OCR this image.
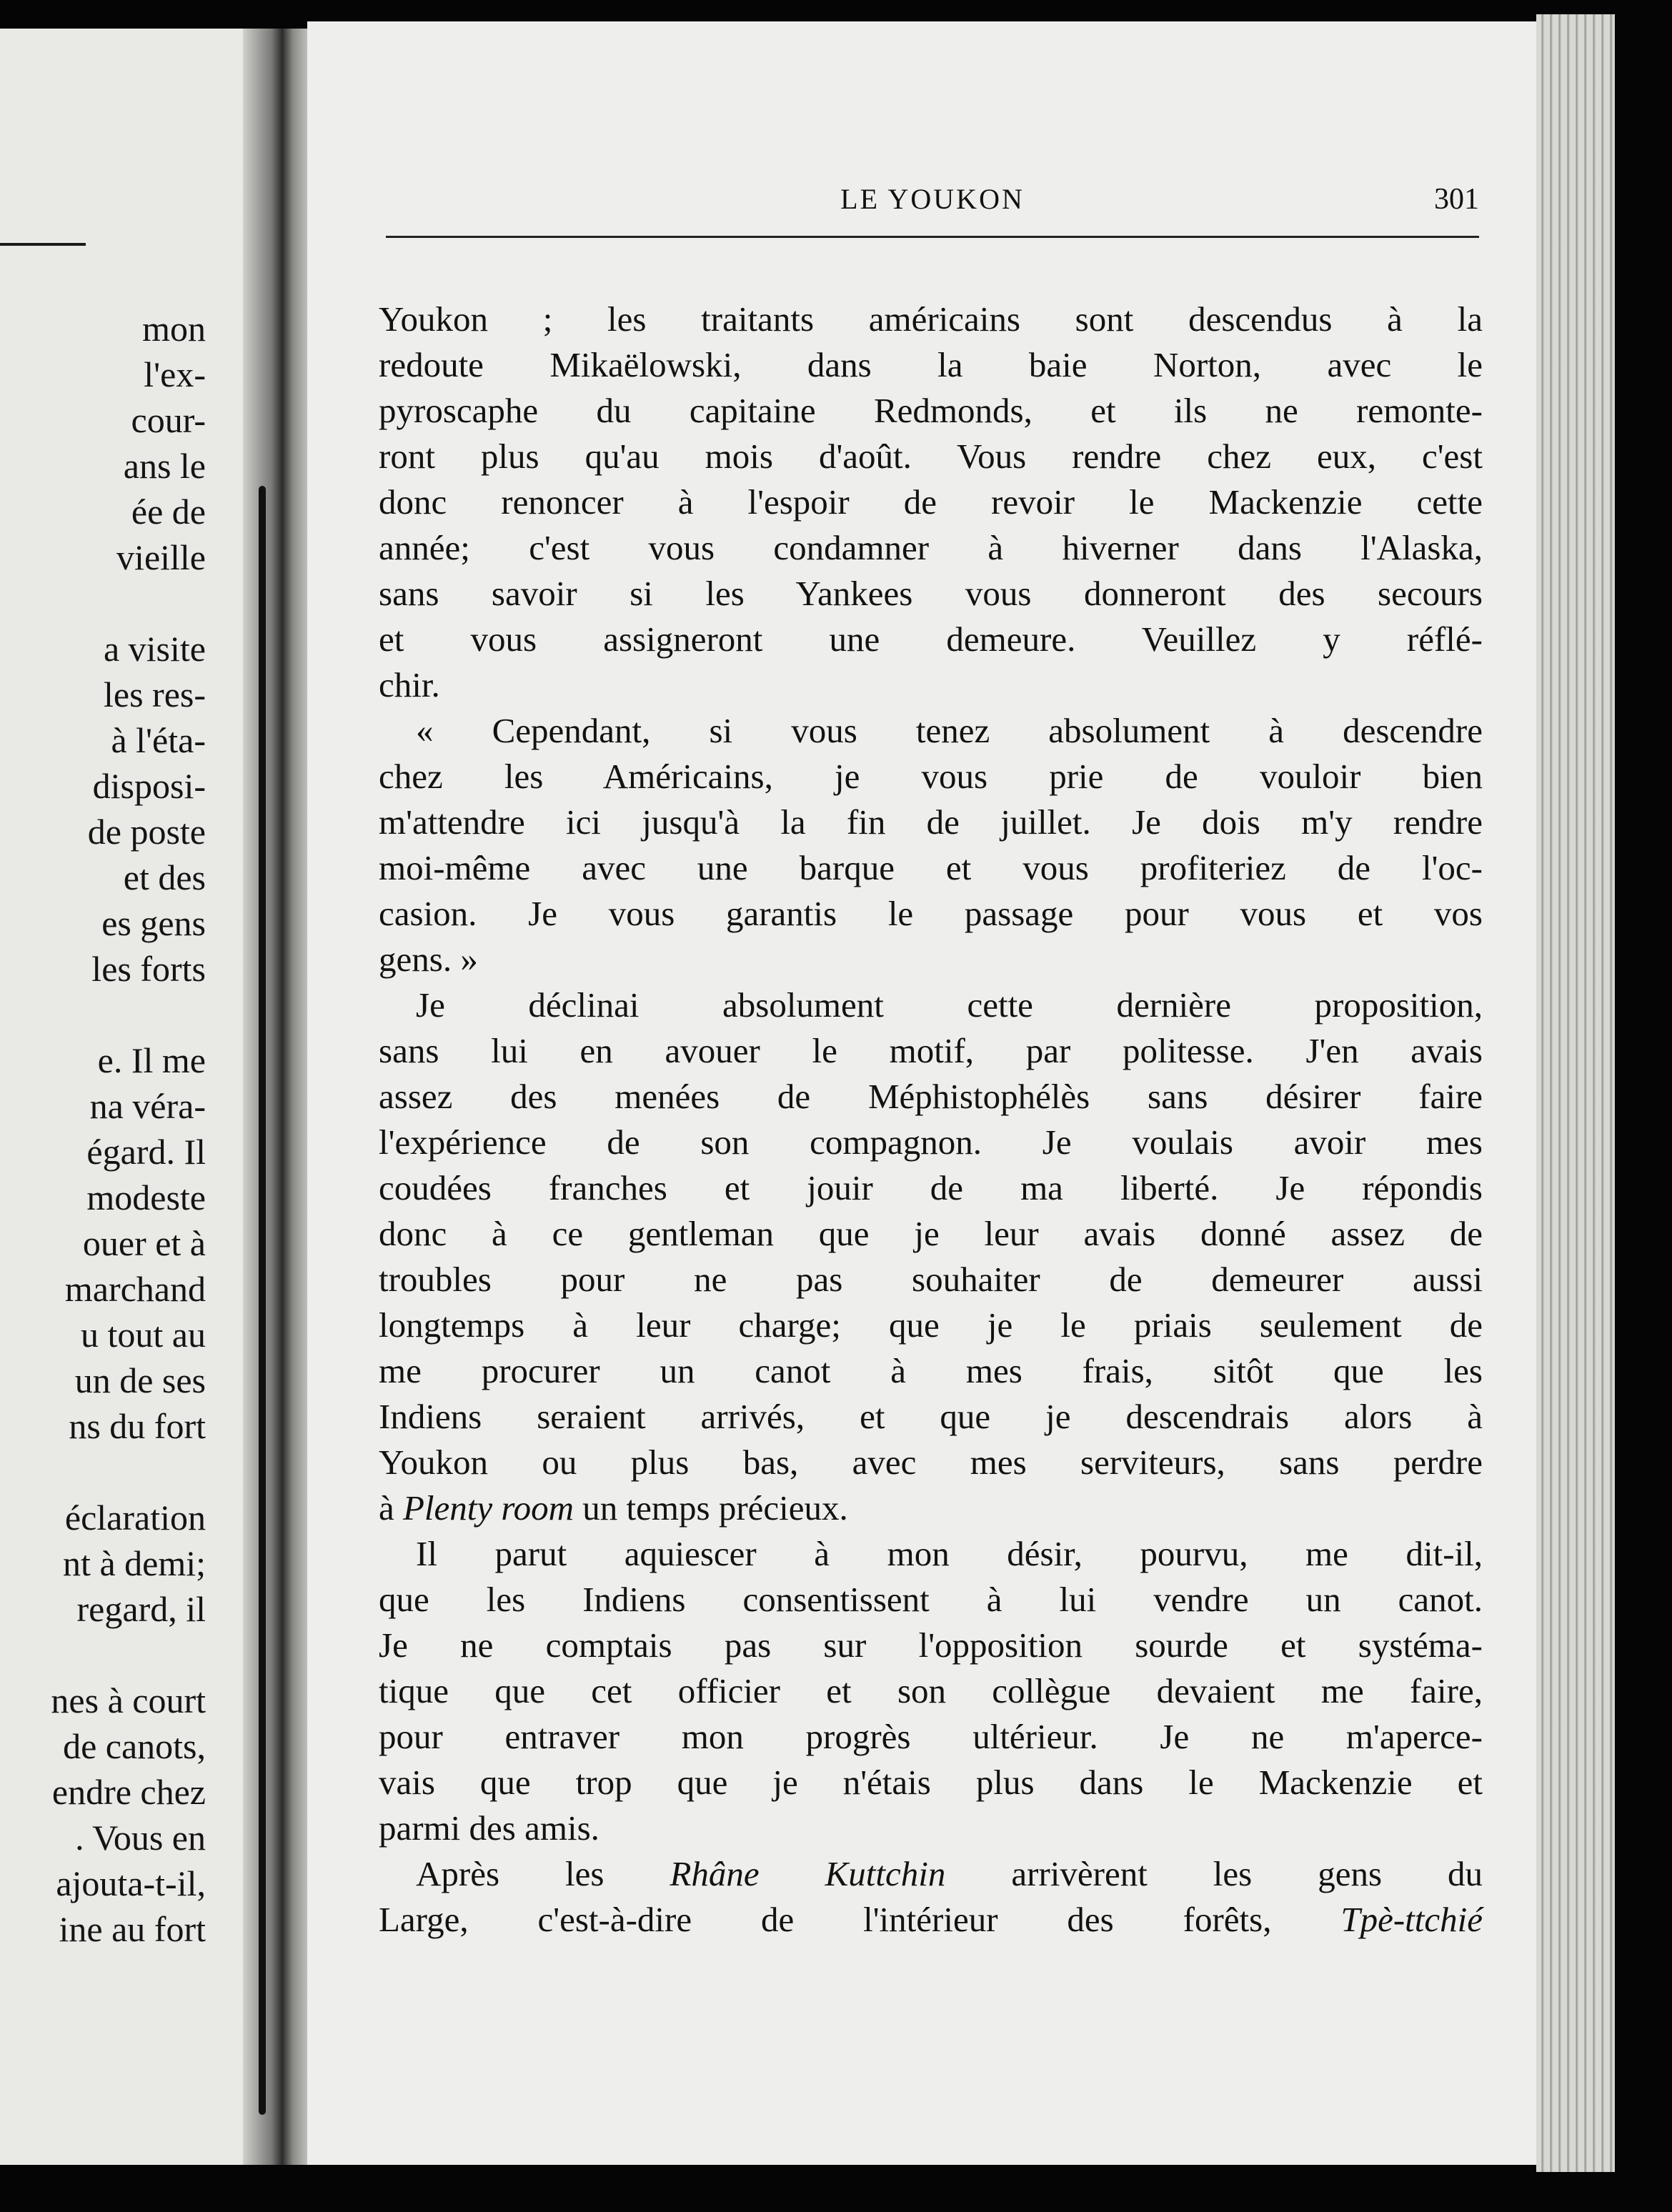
mon
l'ex-
cour-
ans le
ée de
vieille
a visite
les res-
à l'éta-
disposi-
de poste
et des
es gens
les forts
e. Il me
na véra-
égard. Il
modeste
ouer et à
marchand
u tout au
un de ses
ns du fort
éclaration
nt à demi;
regard, il
nes à court
de canots,
endre chez
. Vous en
ajouta-t-il,
ine au fort
LE YOUKON	301
Youkon ; les traitants américains sont descendus à la
redoute Mikaëlowski, dans la baie Norton, avec le
pyroscaphe du capitaine Redmonds, et ils ne remonte-
ront plus qu'au mois d'août. Vous rendre chez eux, c'est
donc renoncer à l'espoir de revoir le Mackenzie cette
année; c'est vous condamner à hiverner dans l'Alaska,
sans savoir si les Yankees vous donneront des secours
et vous assigneront une demeure. Veuillez y réflé-
chir.
« Cependant, si vous tenez absolument à descendre
chez les Américains, je vous prie de vouloir bien
m'attendre ici jusqu'à la fin de juillet. Je dois m'y rendre
moi-même avec une barque et vous profiteriez de l'oc-
casion. Je vous garantis le passage pour vous et vos
gens. »
Je déclinai absolument cette dernière proposition,
sans lui en avouer le motif, par politesse. J'en avais
assez des menées de Méphistophélès sans désirer faire
l'expérience de son compagnon. Je voulais avoir mes
coudées franches et jouir de ma liberté. Je répondis
donc à ce gentleman que je leur avais donné assez de
troubles pour ne pas souhaiter de demeurer aussi
longtemps à leur charge; que je le priais seulement de
me procurer un canot à mes frais, sitôt que les
Indiens seraient arrivés, et que je descendrais alors à
Youkon ou plus bas, avec mes serviteurs, sans perdre
à Plenty room un temps précieux.
Il parut aquiescer à mon désir, pourvu, me dit-il,
que les Indiens consentissent à lui vendre un canot.
Je ne comptais pas sur l'opposition sourde et systéma-
tique que cet officier et son collègue devaient me faire,
pour entraver mon progrès ultérieur. Je ne m'aperce-
vais que trop que je n'étais plus dans le Mackenzie et
parmi des amis.
Après les Rhâne Kuttchin arrivèrent les gens du
Large, c'est-à-dire de l'intérieur des forêts, Tpè-ttchié
